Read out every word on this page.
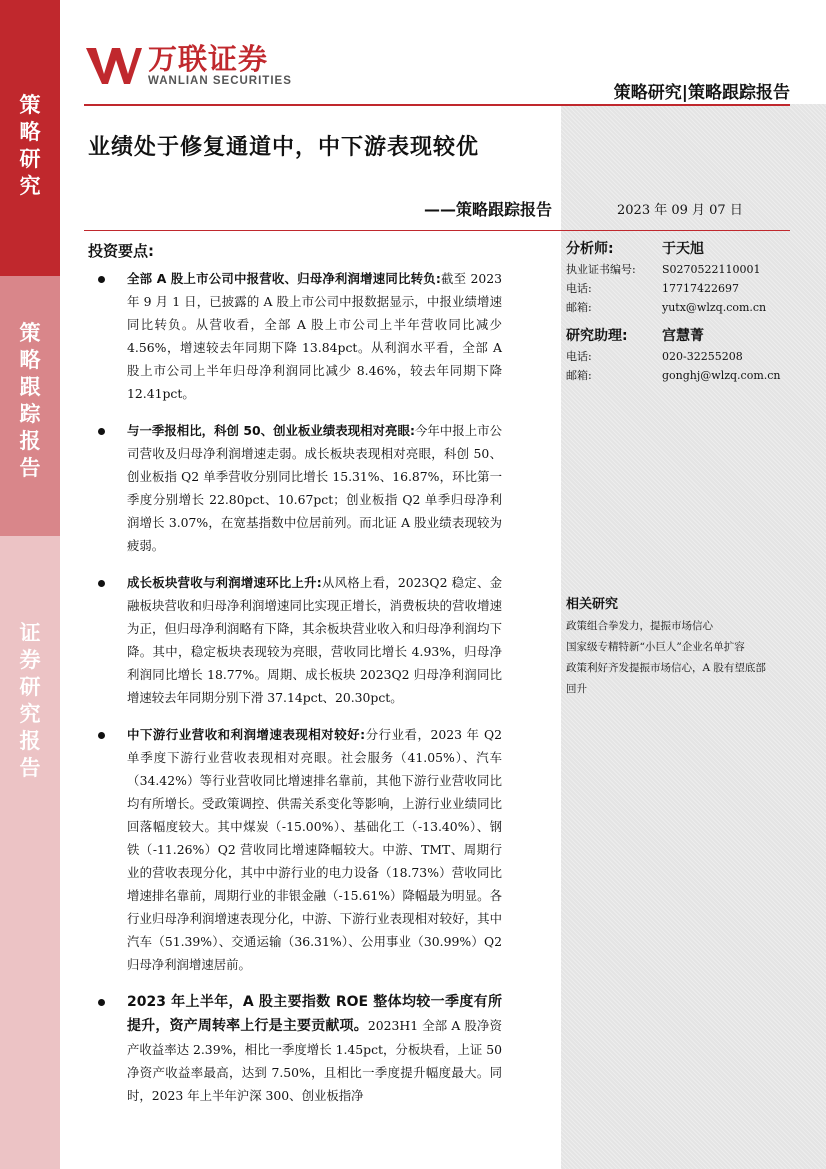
策略研究
策略跟踪报告
证券研究报告
万联证券
WANLIAN SECURITIES
策略研究|策略跟踪报告
业绩处于修复通道中，中下游表现较优
——策略跟踪报告	2023 年 09 月 07 日
投资要点:
全部 A 股上市公司中报营收、归母净利润增速同比转负:截至 2023 年 9 月 1 日，已披露的 A 股上市公司中报数据显示，中报业绩增速同比转负。从营收看，全部 A 股上市公司上半年营收同比减少 4.56%，增速较去年同期下降 13.84pct。从利润水平看，全部 A 股上市公司上半年归母净利润同比减少 8.46%，较去年同期下降 12.41pct。
与一季报相比，科创 50、创业板业绩表现相对亮眼:今年中报上市公司营收及归母净利润增速走弱。成长板块表现相对亮眼，科创 50、创业板指 Q2 单季营收分别同比增长 15.31%、16.87%，环比第一季度分别增长 22.80pct、10.67pct；创业板指 Q2 单季归母净利润增长 3.07%，在宽基指数中位居前列。而北证 A 股业绩表现较为疲弱。
成长板块营收与利润增速环比上升:从风格上看，2023Q2 稳定、金融板块营收和归母净利润增速同比实现正增长，消费板块的营收增速为正，但归母净利润略有下降，其余板块营业收入和归母净利润均下降。其中，稳定板块表现较为亮眼，营收同比增长 4.93%，归母净利润同比增长 18.77%。周期、成长板块 2023Q2 归母净利润同比增速较去年同期分别下滑 37.14pct、20.30pct。
中下游行业营收和利润增速表现相对较好:分行业看，2023 年 Q2 单季度下游行业营收表现相对亮眼。社会服务（41.05%）、汽车（34.42%）等行业营收同比增速排名靠前，其他下游行业营收同比均有所增长。受政策调控、供需关系变化等影响，上游行业业绩同比回落幅度较大。其中煤炭（-15.00%）、基础化工（-13.40%）、钢铁（-11.26%）Q2 营收同比增速降幅较大。中游、TMT、周期行业的营收表现分化，其中中游行业的电力设备（18.73%）营收同比增速排名靠前，周期行业的非银金融（-15.61%）降幅最为明显。各行业归母净利润增速表现分化，中游、下游行业表现相对较好，其中汽车（51.39%）、交通运输（36.31%）、公用事业（30.99%）Q2 归母净利润增速居前。
2023 年上半年，A 股主要指数 ROE 整体均较一季度有所提升，资产周转率上行是主要贡献项。2023H1 全部 A 股净资产收益率达 2.39%，相比一季度增长 1.45pct，分板块看，上证 50 净资产收益率最高，达到 7.50%，且相比一季度提升幅度最大。同时，2023 年上半年沪深 300、创业板指净
分析师:	于天旭
执业证书编号:	S0270522110001
电话:	17717422697
邮箱:	yutx@wlzq.com.cn
研究助理:	宫慧菁
电话:	020-32255208
邮箱:	gonghj@wlzq.com.cn
相关研究
政策组合拳发力，提振市场信心
国家级专精特新“小巨人”企业名单扩容
政策利好齐发提振市场信心，A 股有望底部
回升
